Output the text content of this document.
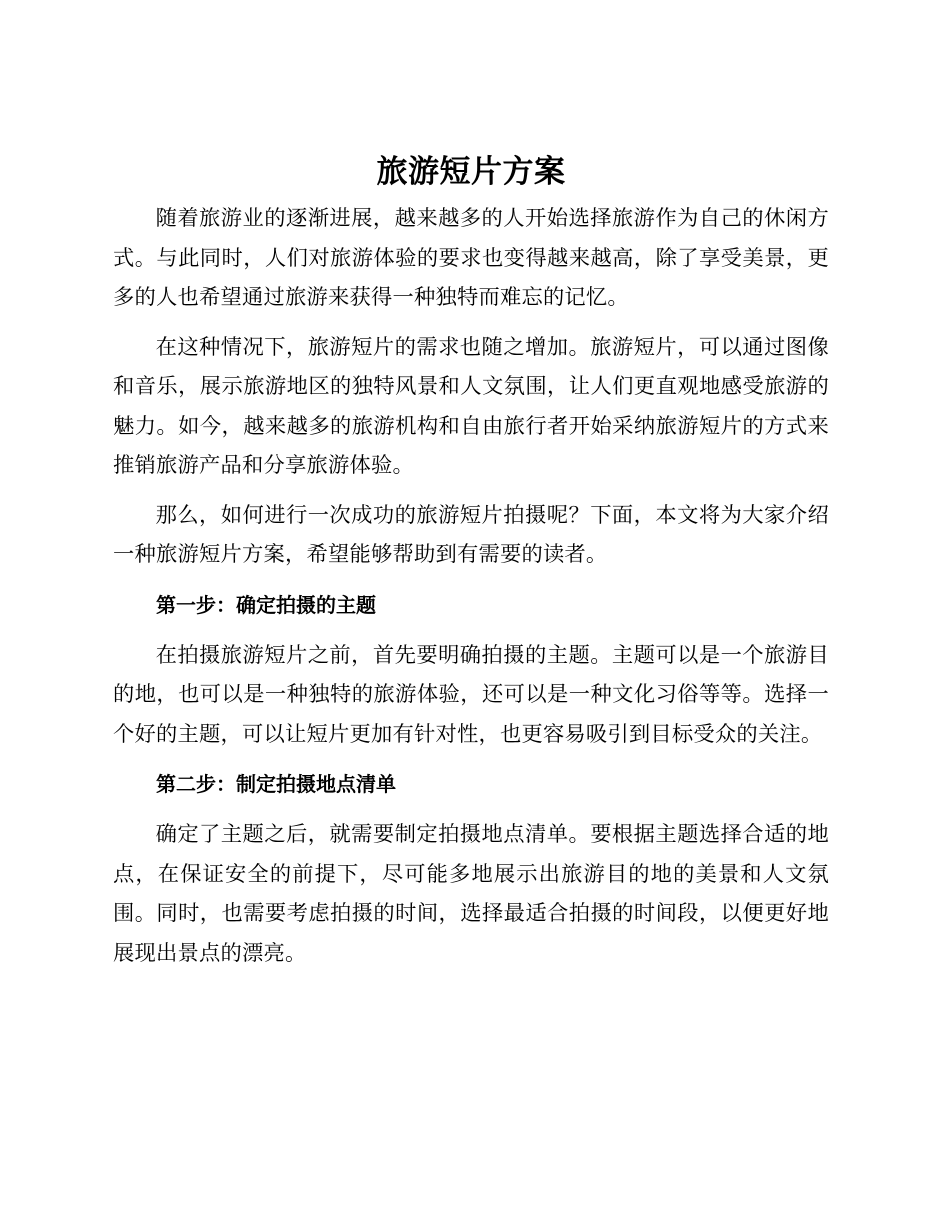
旅游短片方案

随着旅游业的逐渐进展，越来越多的人开始选择旅游作为自己的休闲方式。与此同时，人们对旅游体验的要求也变得越来越高，除了享受美景，更多的人也希望通过旅游来获得一种独特而难忘的记忆。

在这种情况下，旅游短片的需求也随之增加。旅游短片，可以通过图像和音乐，展示旅游地区的独特风景和人文氛围，让人们更直观地感受旅游的魅力。如今，越来越多的旅游机构和自由旅行者开始采纳旅游短片的方式来推销旅游产品和分享旅游体验。

那么，如何进行一次成功的旅游短片拍摄呢？下面，本文将为大家介绍一种旅游短片方案，希望能够帮助到有需要的读者。

第一步：确定拍摄的主题

在拍摄旅游短片之前，首先要明确拍摄的主题。主题可以是一个旅游目的地，也可以是一种独特的旅游体验，还可以是一种文化习俗等等。选择一个好的主题，可以让短片更加有针对性，也更容易吸引到目标受众的关注。

第二步：制定拍摄地点清单

确定了主题之后，就需要制定拍摄地点清单。要根据主题选择合适的地点，在保证安全的前提下，尽可能多地展示出旅游目的地的美景和人文氛围。同时，也需要考虑拍摄的时间，选择最适合拍摄的时间段，以便更好地展现出景点的漂亮。
